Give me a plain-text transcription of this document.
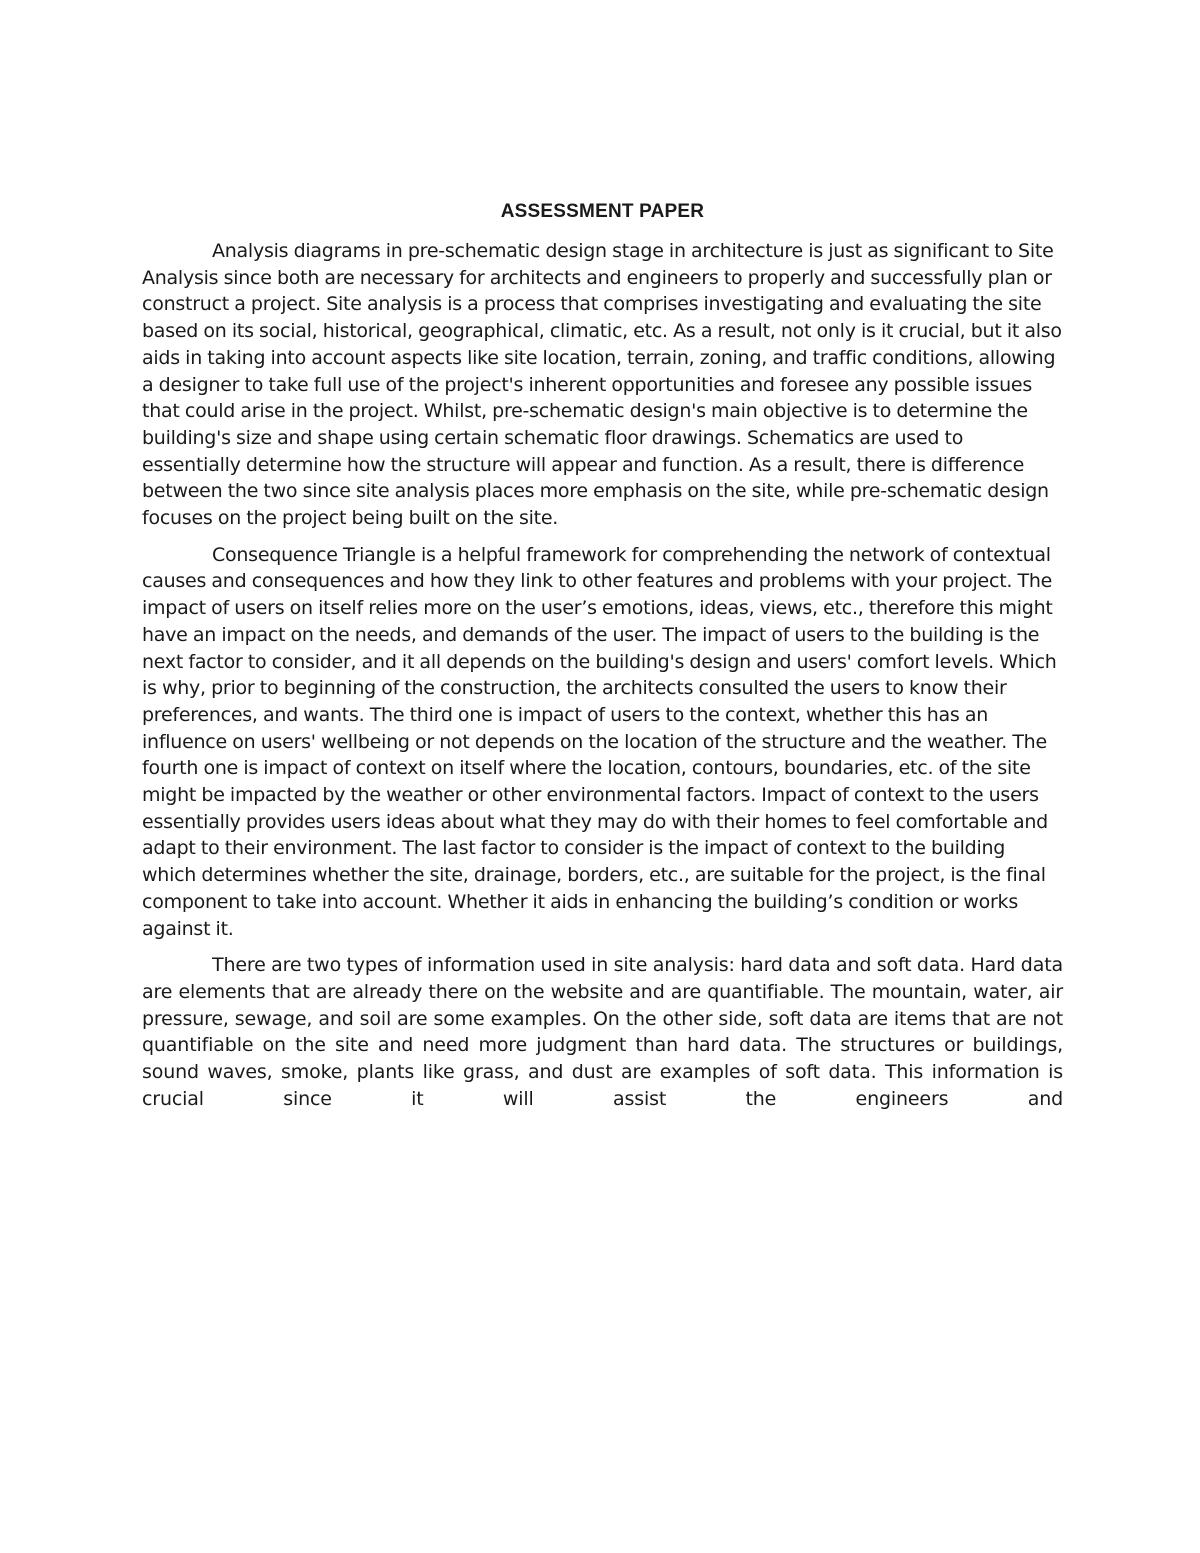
ASSESSMENT PAPER

Analysis diagrams in pre-schematic design stage in architecture is just as significant to Site Analysis since both are necessary for architects and engineers to properly and successfully plan or construct a project. Site analysis is a process that comprises investigating and evaluating the site based on its social, historical, geographical, climatic, etc. As a result, not only is it crucial, but it also aids in taking into account aspects like site location, terrain, zoning, and traffic conditions, allowing a designer to take full use of the project's inherent opportunities and foresee any possible issues that could arise in the project. Whilst, pre-schematic design's main objective is to determine the building's size and shape using certain schematic floor drawings. Schematics are used to essentially determine how the structure will appear and function. As a result, there is difference between the two since site analysis places more emphasis on the site, while pre-schematic design focuses on the project being built on the site.

Consequence Triangle is a helpful framework for comprehending the network of contextual causes and consequences and how they link to other features and problems with your project. The impact of users on itself relies more on the user’s emotions, ideas, views, etc., therefore this might have an impact on the needs, and demands of the user. The impact of users to the building is the next factor to consider, and it all depends on the building's design and users' comfort levels. Which is why, prior to beginning of the construction, the architects consulted the users to know their preferences, and wants. The third one is impact of users to the context, whether this has an influence on users' wellbeing or not depends on the location of the structure and the weather. The fourth one is impact of context on itself where the location, contours, boundaries, etc. of the site might be impacted by the weather or other environmental factors. Impact of context to the users essentially provides users ideas about what they may do with their homes to feel comfortable and adapt to their environment. The last factor to consider is the impact of context to the building which determines whether the site, drainage, borders, etc., are suitable for the project, is the final component to take into account. Whether it aids in enhancing the building’s condition or works against it.

There are two types of information used in site analysis: hard data and soft data. Hard data are elements that are already there on the website and are quantifiable. The mountain, water, air pressure, sewage, and soil are some examples. On the other side, soft data are items that are not quantifiable on the site and need more judgment than hard data. The structures or buildings, sound waves, smoke, plants like grass, and dust are examples of soft data. This information is crucial since it will assist the engineers and
